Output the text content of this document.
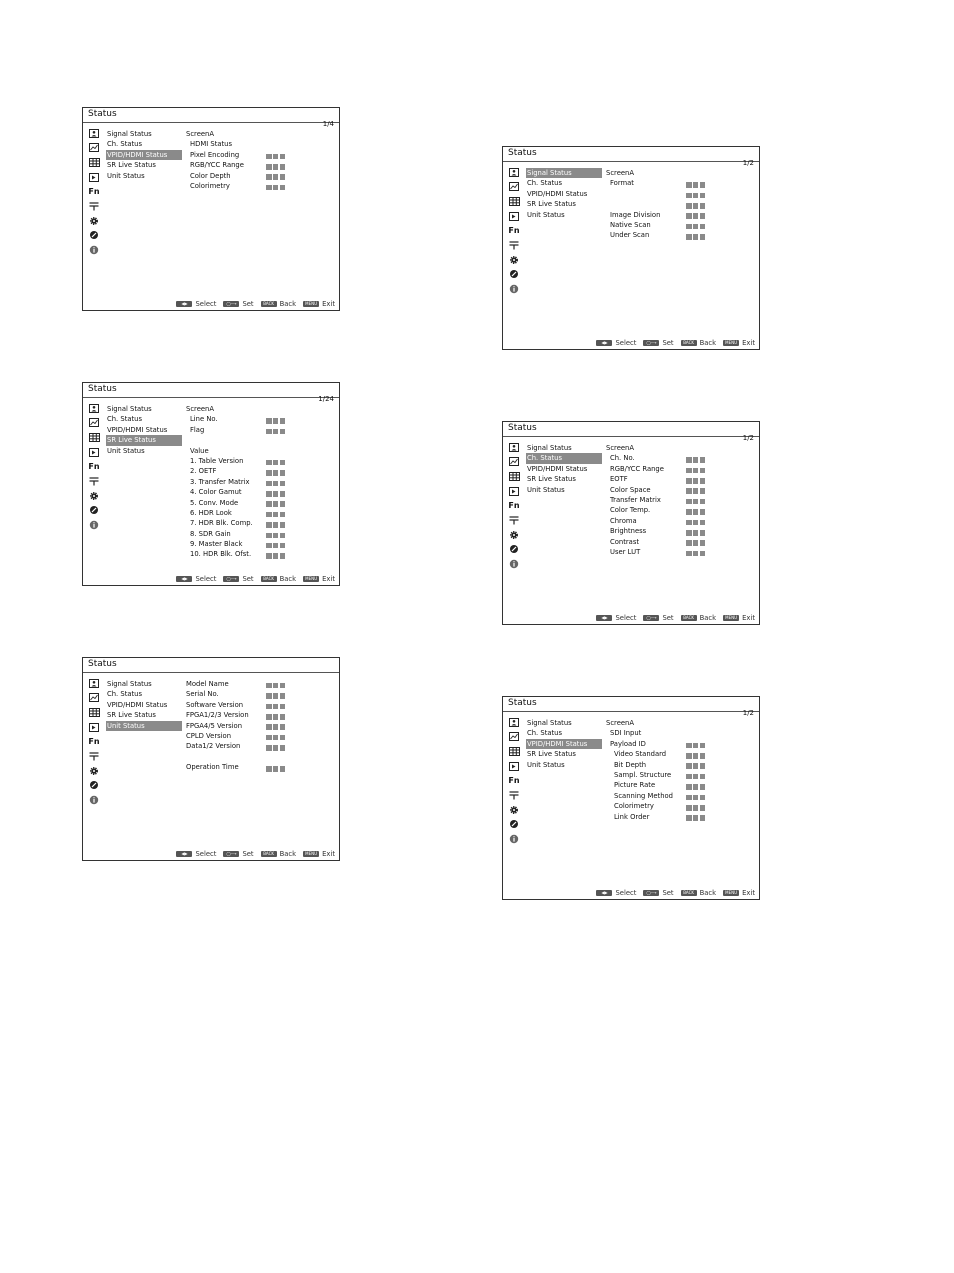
Status
1/4
Fn
Signal Status
Ch. Status
VPID/HDMI Status
SR Live Status
Unit Status
ScreenA
HDMI Status
Pixel Encoding
RGB/YCC Range
Color Depth
Colorimetry
◀▶	Select	◯⟶ Set	BACK Back	MENU Exit
Status
1/2
Fn
Signal Status
Ch. Status
VPID/HDMI Status
SR Live Status
Unit Status
ScreenA
Format
Image Division
Native Scan
Under Scan
◀▶	Select	◯⟶ Set	BACK Back	MENU Exit
Status
1/24
Fn
Signal Status
Ch. Status
VPID/HDMI Status
SR Live Status
Unit Status
ScreenA
Line No.
Flag
Value
1. Table Version
2. OETF
3. Transfer Matrix
4. Color Gamut
5. Conv. Mode
6. HDR Look
7. HDR Blk. Comp.
8. SDR Gain
9. Master Black
10. HDR Blk. Ofst.
◀▶	Select	◯⟶ Set	BACK Back	MENU Exit
Status
1/2
Fn
Signal Status
Ch. Status
VPID/HDMI Status
SR Live Status
Unit Status
ScreenA
Ch. No.
RGB/YCC Range
EOTF
Color Space
Transfer Matrix
Color Temp.
Chroma
Brightness
Contrast
User LUT
◀▶	Select	◯⟶ Set	BACK Back	MENU Exit
Status
Fn
Signal Status
Ch. Status
VPID/HDMI Status
SR Live Status
Unit Status
Model Name
Serial No.
Software Version
FPGA1/2/3 Version
FPGA4/5 Version
CPLD Version
Data1/2 Version
Operation Time
◀▶	Select	◯⟶ Set	BACK Back	MENU Exit
Status
1/2
Fn
Signal Status
Ch. Status
VPID/HDMI Status
SR Live Status
Unit Status
ScreenA
SDI Input
Payload ID
Video Standard
Bit Depth
Sampl. Structure
Picture Rate
Scanning Method
Colorimetry
Link Order
◀▶	Select	◯⟶ Set	BACK Back	MENU Exit
